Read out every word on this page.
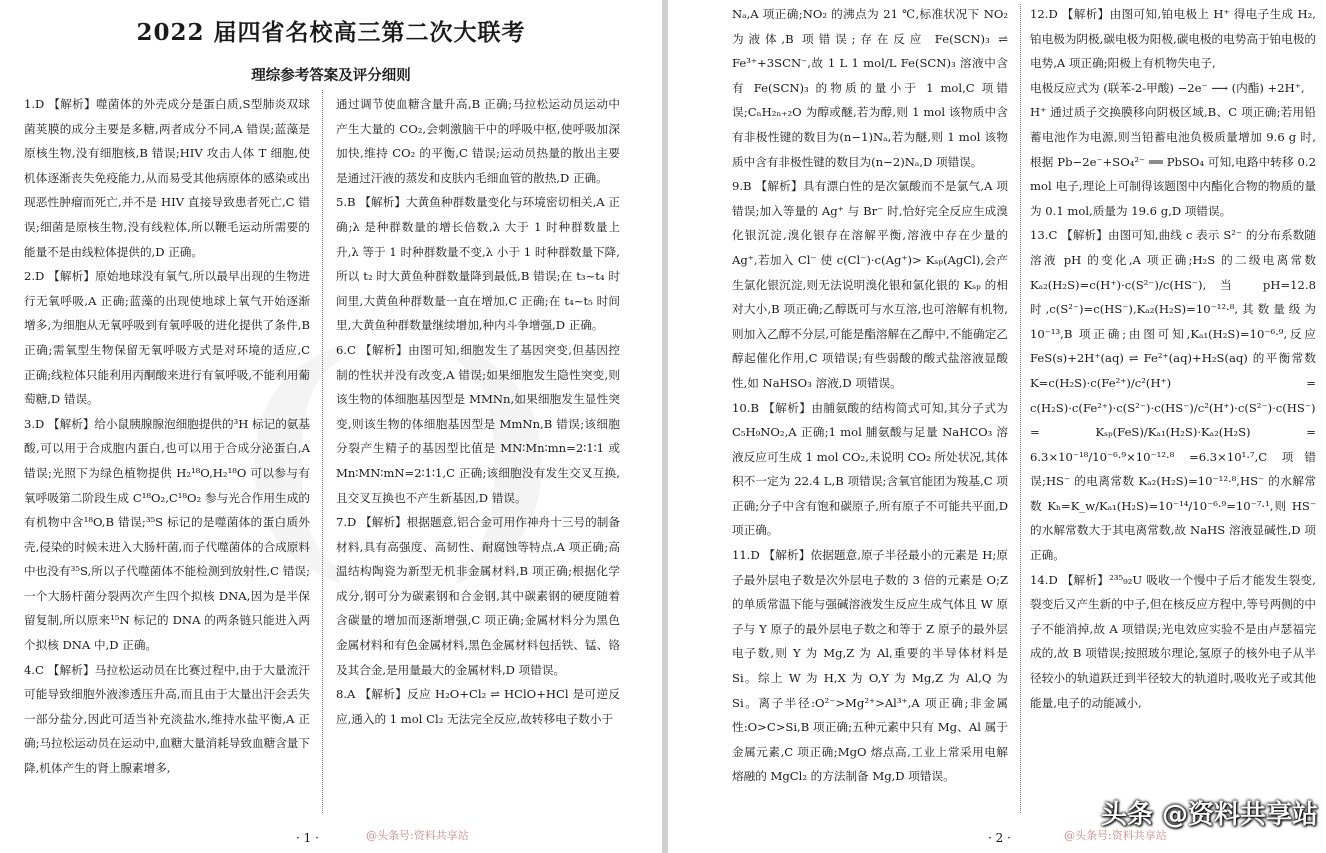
2022 届四省名校高三第二次大联考
理综参考答案及评分细则

1.D 【解析】噬菌体的外壳成分是蛋白质,S型肺炎双球菌荚膜的成分主要是多糖,两者成分不同,A 错误;蓝藻是原核生物,没有细胞核,B 错误;HIV 攻击人体 T 细胞,使机体逐渐丧失免疫能力,从而易受其他病原体的感染或出现恶性肿瘤而死亡,并不是 HIV 直接导致患者死亡,C 错误;细菌是原核生物,没有线粒体,所以鞭毛运动所需要的能量不是由线粒体提供的,D 正确。

2.D 【解析】原始地球没有氧气,所以最早出现的生物进行无氧呼吸,A 正确;蓝藻的出现使地球上氧气开始逐渐增多,为细胞从无氧呼吸到有氧呼吸的进化提供了条件,B 正确;需氧型生物保留无氧呼吸方式是对环境的适应,C 正确;线粒体只能利用丙酮酸来进行有氧呼吸,不能利用葡萄糖,D 错误。

3.D 【解析】给小鼠胰腺腺泡细胞提供的³H 标记的氨基酸,可以用于合成胞内蛋白,也可以用于合成分泌蛋白,A 错误;光照下为绿色植物提供 H₂¹⁸O,H₂¹⁸O 可以参与有氧呼吸第二阶段生成 C¹⁸O₂,C¹⁸O₂ 参与光合作用生成的有机物中含¹⁸O,B 错误;³⁵S 标记的是噬菌体的蛋白质外壳,侵染的时候未进入大肠杆菌,而子代噬菌体的合成原料中也没有³⁵S,所以子代噬菌体不能检测到放射性,C 错误;一个大肠杆菌分裂两次产生四个拟核 DNA,因为是半保留复制,所以原来¹⁵N 标记的 DNA 的两条链只能进入两个拟核 DNA 中,D 正确。

4.C 【解析】马拉松运动员在比赛过程中,由于大量流汗可能导致细胞外液渗透压升高,而且由于大量出汗会丢失一部分盐分,因此可适当补充淡盐水,维持水盐平衡,A 正确;马拉松运动员在运动中,血糖大量消耗导致血糖含量下降,机体产生的肾上腺素增多,

通过调节使血糖含量升高,B 正确;马拉松运动员运动中产生大量的 CO₂,会刺激脑干中的呼吸中枢,使呼吸加深加快,维持 CO₂ 的平衡,C 错误;运动员热量的散出主要是通过汗液的蒸发和皮肤内毛细血管的散热,D 正确。

5.B 【解析】大黄鱼种群数量变化与环境密切相关,A 正确;λ 是种群数量的增长倍数,λ 大于 1 时种群数量上升,λ 等于 1 时种群数量不变,λ 小于 1 时种群数量下降,所以 t₂ 时大黄鱼种群数量降到最低,B 错误;在 t₃~t₄ 时间里,大黄鱼种群数量一直在增加,C 正确;在 t₄~t₅ 时间里,大黄鱼种群数量继续增加,种内斗争增强,D 正确。

6.C 【解析】由图可知,细胞发生了基因突变,但基因控制的性状并没有改变,A 错误;如果细胞发生隐性突变,则该生物的体细胞基因型是 MMNn,如果细胞发生显性突变,则该生物的体细胞基因型是 MmNn,B 错误;该细胞分裂产生精子的基因型比值是 MN∶Mn∶mn=2∶1∶1 或 Mn∶MN∶mN=2∶1∶1,C 正确;该细胞没有发生交叉互换,且交叉互换也不产生新基因,D 错误。

7.D 【解析】根据题意,铝合金可用作神舟十三号的制备材料,具有高强度、高韧性、耐腐蚀等特点,A 项正确;高温结构陶瓷为新型无机非金属材料,B 项正确;根据化学成分,钢可分为碳素钢和合金钢,其中碳素钢的硬度随着含碳量的增加而逐渐增强,C 项正确;金属材料分为黑色金属材料和有色金属材料,黑色金属材料包括铁、锰、铬及其合金,是用量最大的金属材料,D 项错误。

8.A 【解析】反应 H₂O+Cl₂ ⇌ HClO+HCl 是可逆反应,通入的 1 mol Cl₂ 无法完全反应,故转移电子数小于

· 1 ·	@头条号:资料共享站

Nₐ,A 项正确;NO₂ 的沸点为 21 ℃,标准状况下 NO₂ 为液体,B 项错误;存在反应 Fe(SCN)₃ ⇌ Fe³⁺+3SCN⁻,故 1 L 1 mol/L Fe(SCN)₃ 溶液中含有 Fe(SCN)₃ 的物质的量小于 1 mol,C 项错误;CₙH₂ₙ₊₂O 为醇或醚,若为醇,则 1 mol 该物质中含有非极性键的数目为(n−1)Nₐ,若为醚,则 1 mol 该物质中含有非极性键的数目为(n−2)Nₐ,D 项错误。

9.B 【解析】具有漂白性的是次氯酸而不是氯气,A 项错误;加入等量的 Ag⁺ 与 Br⁻ 时,恰好完全反应生成溴化银沉淀,溴化银存在溶解平衡,溶液中存在少量的 Ag⁺,若加入 Cl⁻ 使 c(Cl⁻)·c(Ag⁺)> Kₛₚ(AgCl),会产生氯化银沉淀,则无法说明溴化银和氯化银的 Kₛₚ 的相对大小,B 项正确;乙醇既可与水互溶,也可溶解有机物,则加入乙醇不分层,可能是酯溶解在乙醇中,不能确定乙醇起催化作用,C 项错误;有些弱酸的酸式盐溶液显酸性,如 NaHSO₃ 溶液,D 项错误。

10.B 【解析】由脯氨酸的结构简式可知,其分子式为 C₅H₉NO₂,A 正确;1 mol 脯氨酸与足量 NaHCO₃ 溶液反应可生成 1 mol CO₂,未说明 CO₂ 所处状况,其体积不一定为 22.4 L,B 项错误;含氧官能团为羧基,C 项正确;分子中含有饱和碳原子,所有原子不可能共平面,D 项正确。

11.D 【解析】依据题意,原子半径最小的元素是 H;原子最外层电子数是次外层电子数的 3 倍的元素是 O;Z 的单质常温下能与强碱溶液发生反应生成气体且 W 原子与 Y 原子的最外层电子数之和等于 Z 原子的最外层电子数,则 Y 为 Mg,Z 为 Al,重要的半导体材料是 Si。综上 W 为 H,X 为 O,Y 为 Mg,Z 为 Al,Q 为 Si。离子半径:O²⁻>Mg²⁺>Al³⁺,A 项正确;非金属性:O>C>Si,B 项正确;五种元素中只有 Mg、Al 属于金属元素,C 项正确;MgO 熔点高,工业上常采用电解熔融的 MgCl₂ 的方法制备 Mg,D 项错误。

12.D 【解析】由图可知,铂电极上 H⁺ 得电子生成 H₂,铂电极为阴极,碳电极为阳极,碳电极的电势高于铂电极的电势,A 项正确;阳极上有机物失电子,

电极反应式为 (联苯-2-甲酸) −2e⁻ ⟶ (内酯) +2H⁺,

H⁺ 通过质子交换膜移向阴极区域,B、C 项正确;若用铅蓄电池作为电源,则当铅蓄电池负极质量增加 9.6 g 时,根据 Pb−2e⁻+SO₄²⁻ ══ PbSO₄ 可知,电路中转移 0.2 mol 电子,理论上可制得该题图中内酯化合物的物质的量为 0.1 mol,质量为 19.6 g,D 项错误。

13.C 【解析】由图可知,曲线 c 表示 S²⁻ 的分布系数随溶液 pH 的变化,A 项正确;H₂S 的二级电离常数 Kₐ₂(H₂S)=c(H⁺)·c(S²⁻)/c(HS⁻),当 pH=12.8 时,c(S²⁻)=c(HS⁻),Kₐ₂(H₂S)=10⁻¹²·⁸,其数量级为 10⁻¹³,B 项正确;由图可知,Kₐ₁(H₂S)=10⁻⁶·⁹,反应 FeS(s)+2H⁺(aq) ⇌ Fe²⁺(aq)+H₂S(aq) 的平衡常数 K=c(H₂S)·c(Fe²⁺)/c²(H⁺) = c(H₂S)·c(Fe²⁺)·c(S²⁻)·c(HS⁻)/c²(H⁺)·c(S²⁻)·c(HS⁻) = Kₛₚ(FeS)/Kₐ₁(H₂S)·Kₐ₂(H₂S) = 6.3×10⁻¹⁸/10⁻⁶·⁹×10⁻¹²·⁸ =6.3×10¹·⁷,C 项错误;HS⁻ 的电离常数 Kₐ₂(H₂S)=10⁻¹²·⁸,HS⁻ 的水解常数 Kₕ=K_w/Kₐ₁(H₂S)=10⁻¹⁴/10⁻⁶·⁹=10⁻⁷·¹,则 HS⁻ 的水解常数大于其电离常数,故 NaHS 溶液显碱性,D 项正确。

14.D 【解析】²³⁵₉₂U 吸收一个慢中子后才能发生裂变,裂变后又产生新的中子,但在核反应方程中,等号两侧的中子不能消掉,故 A 项错误;光电效应实验不是由卢瑟福完成的,故 B 项错误;按照玻尔理论,氢原子的核外电子从半径较小的轨道跃迁到半径较大的轨道时,吸收光子或其他能量,电子的动能减小,

· 2 ·	@头条号:资料共享站
头条 @资料共享站
